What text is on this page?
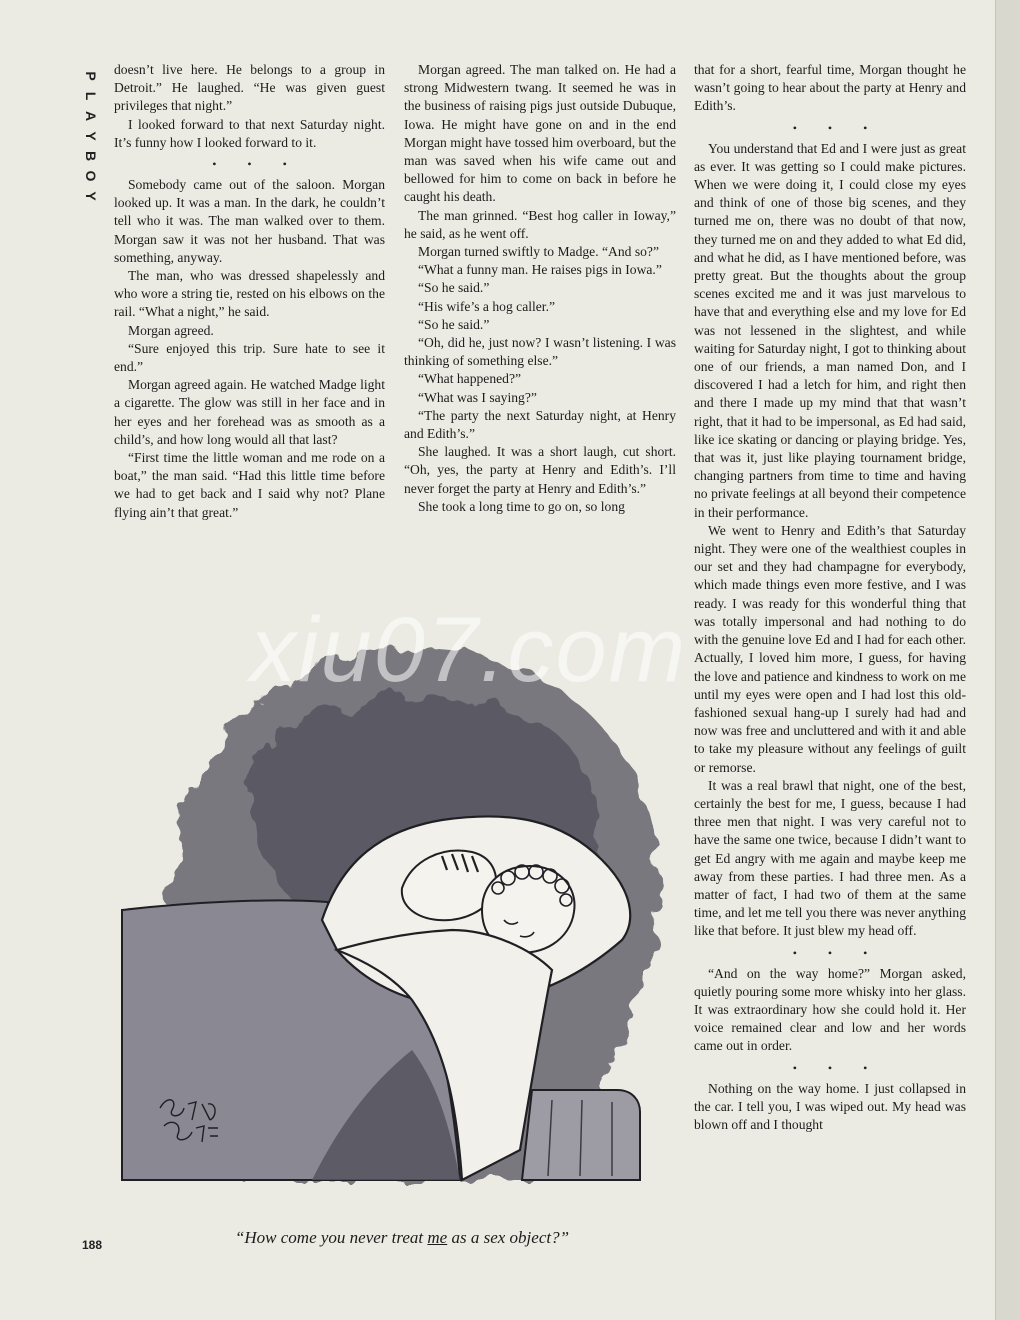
P
L
A
Y
B
O
Y

doesn’t live here. He belongs to a group in Detroit.” He laughed. “He was given guest privileges that night.”

I looked forward to that next Saturday night. It’s funny how I looked forward to it.

• • •

Somebody came out of the saloon. Morgan looked up. It was a man. In the dark, he couldn’t tell who it was. The man walked over to them. Morgan saw it was not her husband. That was something, anyway.

The man, who was dressed shapelessly and who wore a string tie, rested on his elbows on the rail. “What a night,” he said.

Morgan agreed.

“Sure enjoyed this trip. Sure hate to see it end.”

Morgan agreed again. He watched Madge light a cigarette. The glow was still in her face and in her eyes and her forehead was as smooth as a child’s, and how long would all that last?

“First time the little woman and me rode on a boat,” the man said. “Had this little time before we had to get back and I said why not? Plane flying ain’t that great.”

Morgan agreed. The man talked on. He had a strong Midwestern twang. It seemed he was in the business of raising pigs just outside Dubuque, Iowa. He might have gone on and in the end Morgan might have tossed him overboard, but the man was saved when his wife came out and bellowed for him to come on back in before he caught his death.

The man grinned. “Best hog caller in Ioway,” he said, as he went off.

Morgan turned swiftly to Madge. “And so?”

“What a funny man. He raises pigs in Iowa.”

“So he said.”

“His wife’s a hog caller.”

“So he said.”

“Oh, did he, just now? I wasn’t listening. I was thinking of something else.”

“What happened?”

“What was I saying?”

“The party the next Saturday night, at Henry and Edith’s.”

She laughed. It was a short laugh, cut short. “Oh, yes, the party at Henry and Edith’s. I’ll never forget the party at Henry and Edith’s.”

She took a long time to go on, so long

that for a short, fearful time, Morgan thought he wasn’t going to hear about the party at Henry and Edith’s.

• • •

You understand that Ed and I were just as great as ever. It was getting so I could make pictures. When we were doing it, I could close my eyes and think of one of those big scenes, and they turned me on, there was no doubt of that now, they turned me on and they added to what Ed did, and what he did, as I have mentioned before, was pretty great. But the thoughts about the group scenes excited me and it was just marvelous to have that and everything else and my love for Ed was not lessened in the slightest, and while waiting for Saturday night, I got to thinking about one of our friends, a man named Don, and I discovered I had a letch for him, and right then and there I made up my mind that that wasn’t right, that it had to be impersonal, as Ed had said, like ice skating or dancing or playing bridge. Yes, that was it, just like playing tournament bridge, changing partners from time to time and having no private feelings at all beyond their competence in their performance.

We went to Henry and Edith’s that Saturday night. They were one of the wealthiest couples in our set and they had champagne for everybody, which made things even more festive, and I was ready. I was ready for this wonderful thing that was totally impersonal and had nothing to do with the genuine love Ed and I had for each other. Actually, I loved him more, I guess, for having the love and patience and kindness to work on me until my eyes were open and I had lost this old-fashioned sexual hang-up I surely had had and now was free and uncluttered and with it and able to take my pleasure without any feelings of guilt or remorse.

It was a real brawl that night, one of the best, certainly the best for me, I guess, because I had three men that night. I was very careful not to have the same one twice, because I didn’t want to get Ed angry with me again and maybe keep me away from these parties. I had three men. As a matter of fact, I had two of them at the same time, and let me tell you there was never anything like that before. It just blew my head off.

• • •

“And on the way home?” Morgan asked, quietly pouring some more whisky into her glass. It was extraordinary how she could hold it. Her voice remained clear and low and her words came out in order.

• • •

Nothing on the way home. I just collapsed in the car. I tell you, I was wiped out. My head was blown off and I thought

xiu07.com
“How come you never treat me as a sex object?”
188
